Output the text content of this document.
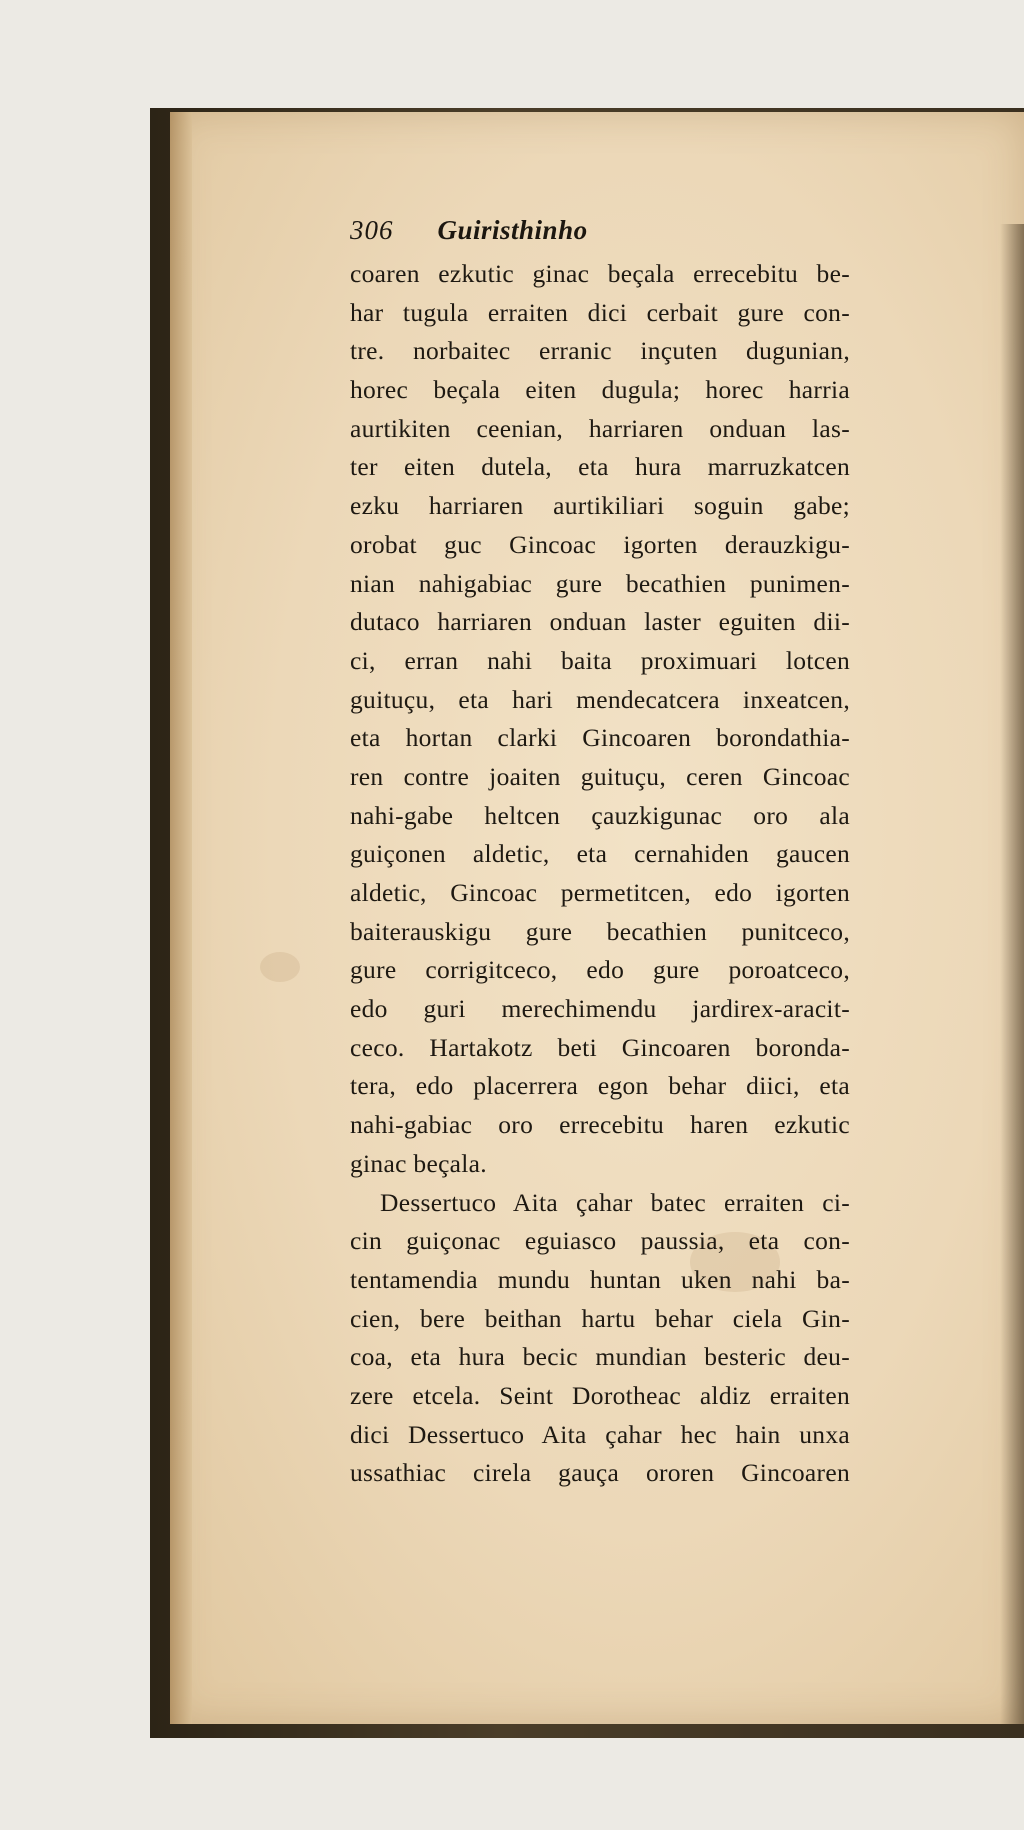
306 Guiristhinho
coaren ezkutic ginac beçala errecebitu be-
har tugula erraiten dici cerbait gure con-
tre. norbaitec erranic inçuten dugunian,
horec beçala eiten dugula; horec harria
aurtikiten ceenian, harriaren onduan las-
ter eiten dutela, eta hura marruzkatcen
ezku harriaren aurtikiliari soguin gabe;
orobat guc Gincoac igorten derauzkigu-
nian nahigabiac gure becathien punimen-
dutaco harriaren onduan laster eguiten dii-
ci, erran nahi baita proximuari lotcen
guituçu, eta hari mendecatcera inxeatcen,
eta hortan clarki Gincoaren borondathia-
ren contre joaiten guituçu, ceren Gincoac
nahi-gabe heltcen çauzkigunac oro ala
guiçonen aldetic, eta cernahiden gaucen
aldetic, Gincoac permetitcen, edo igorten
baiterauskigu gure becathien punitceco,
gure corrigitceco, edo gure poroatceco,
edo guri merechimendu jardirex-aracit-
ceco. Hartakotz beti Gincoaren boronda-
tera, edo placerrera egon behar diici, eta
nahi-gabiac oro errecebitu haren ezkutic
ginac beçala.
Dessertuco Aita çahar batec erraiten ci-
cin guiçonac eguiasco paussia, eta con-
tentamendia mundu huntan uken nahi ba-
cien, bere beithan hartu behar ciela Gin-
coa, eta hura becic mundian besteric deu-
zere etcela. Seint Dorotheac aldiz erraiten
dici Dessertuco Aita çahar hec hain unxa
ussathiac cirela gauça ororen Gincoaren
